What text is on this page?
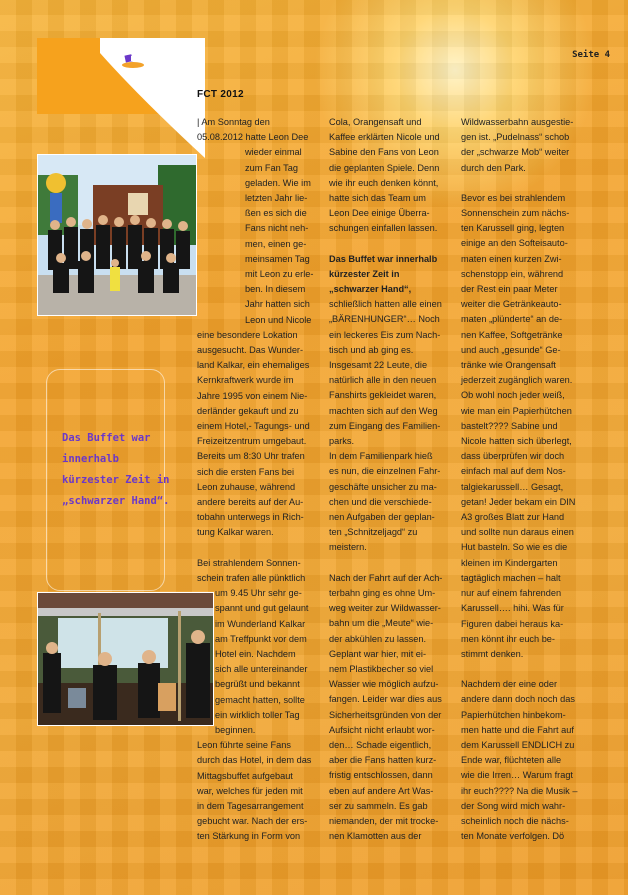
Seite 4
FCT 2012
Das Buffet war innerhalb kürzester Zeit in „schwarzer Hand“.

| Am Sonntag den

05.08.2012 hatte Leon Dee

wieder einmal

zum Fan Tag

geladen. Wie im

letzten Jahr lie-

ßen es sich die

Fans nicht neh-

men, einen ge-

meinsamen Tag

mit Leon zu erle-

ben. In diesem

Jahr hatten sich

Leon und Nicole

eine besondere Lokation

ausgesucht. Das Wunder-

land Kalkar, ein ehemaliges

Kernkraftwerk wurde im

Jahre 1995 von einem Nie-

derländer gekauft und zu

einem Hotel,- Tagungs- und

Freizeitzentrum umgebaut.

Bereits um 8:30 Uhr trafen

sich die ersten Fans bei

Leon zuhause, während

andere bereits auf der Au-

tobahn unterwegs in Rich-

tung Kalkar waren.

Bei strahlendem Sonnen-

schein trafen alle pünktlich

um 9.45 Uhr sehr ge-

spannt und gut gelaunt

im Wunderland Kalkar

am Treffpunkt vor dem

Hotel ein. Nachdem

sich alle untereinander

begrüßt und bekannt

gemacht hatten, sollte

ein wirklich toller Tag

beginnen.

Leon führte seine Fans

durch das Hotel, in dem das

Mittagsbuffet aufgebaut

war, welches für jeden mit

in dem Tagesarrangement

gebucht war. Nach der ers-

ten Stärkung in Form von

Cola, Orangensaft und

Kaffee erklärten Nicole und

Sabine den Fans von Leon

die geplanten Spiele. Denn

wie ihr euch denken könnt,

hatte sich das Team um

Leon Dee einige Überra-

schungen einfallen lassen.

Das Buffet war innerhalb

kürzester Zeit in

„schwarzer Hand“,

schließlich hatten alle einen

„BÄRENHUNGER“… Noch

ein leckeres Eis zum Nach-

tisch und ab ging es.

Insgesamt 22 Leute, die

natürlich alle in den neuen

Fanshirts gekleidet waren,

machten sich auf den Weg

zum Eingang des Familien-

parks.

In dem Familienpark hieß

es nun, die einzelnen Fahr-

geschäfte unsicher zu ma-

chen und die verschiede-

nen Aufgaben der geplan-

ten „Schnitzeljagd“ zu

meistern.

Nach der Fahrt auf der Ach-

terbahn ging es ohne Um-

weg weiter zur Wildwasser-

bahn um die „Meute“ wie-

der abkühlen zu lassen.

Geplant war hier, mit ei-

nem Plastikbecher so viel

Wasser wie möglich aufzu-

fangen. Leider war dies aus

Sicherheitsgründen von der

Aufsicht nicht erlaubt wor-

den… Schade eigentlich,

aber die Fans hatten kurz-

fristig entschlossen, dann

eben auf andere Art Was-

ser zu sammeln. Es gab

niemanden, der mit trocke-

nen Klamotten aus der

Wildwasserbahn ausgestie-

gen ist. „Pudelnass“ schob

der „schwarze Mob“ weiter

durch den Park.

Bevor es bei strahlendem

Sonnenschein zum nächs-

ten Karussell ging, legten

einige an den Softeisauto-

maten einen kurzen Zwi-

schenstopp ein, während

der Rest ein paar Meter

weiter die Getränkeauto-

maten „plünderte“ an de-

nen Kaffee, Softgetränke

und auch „gesunde“ Ge-

tränke wie Orangensaft

jederzeit zugänglich waren.

Ob wohl noch jeder weiß,

wie man ein Papierhütchen

bastelt???? Sabine und

Nicole hatten sich überlegt,

dass überprüfen wir doch

einfach mal auf dem Nos-

talgiekarussell… Gesagt,

getan! Jeder bekam ein DIN

A3 großes Blatt zur Hand

und sollte nun daraus einen

Hut basteln. So wie es die

kleinen im Kindergarten

tagtäglich machen – halt

nur auf einem fahrenden

Karussell…. hihi. Was für

Figuren dabei heraus ka-

men könnt ihr euch be-

stimmt denken.

Nachdem der eine oder

andere dann doch noch das

Papierhütchen hinbekom-

men hatte und die Fahrt auf

dem Karussell ENDLICH zu

Ende war, flüchteten alle

wie die Irren… Warum fragt

ihr euch???? Na die Musik –

der Song wird mich wahr-

scheinlich noch die nächs-

ten Monate verfolgen. Dö
